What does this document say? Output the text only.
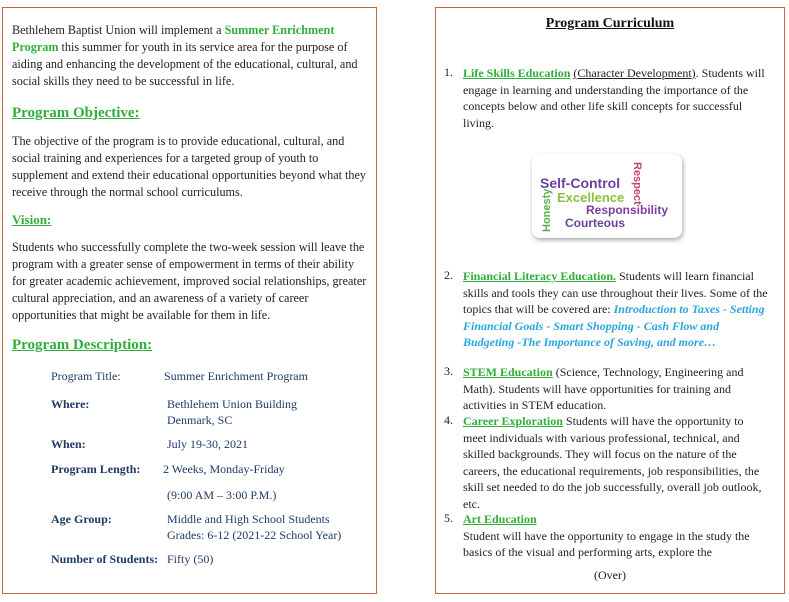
Bethlehem Baptist Union will implement a Summer Enrichment Program this summer for youth in its service area for the purpose of aiding and enhancing the development of the educational, cultural, and social skills they need to be successful in life.
Program Objective:
The objective of the program is to provide educational, cultural, and social training and experiences for a targeted group of youth to supplement and extend their educational opportunities beyond what they receive through the normal school curriculums.
Vision:
Students who successfully complete the two-week session will leave the program with a greater sense of empowerment in terms of their ability for greater academic achievement, improved social relationships, greater cultural appreciation, and an awareness of a variety of career opportunities that might be available for them in life.
Program Description:
Program Title:	Summer Enrichment Program
Where:	Bethlehem Union Building
Denmark, SC
When:	July 19-30, 2021
Program Length: 2 Weeks, Monday-Friday
(9:00 AM – 3:00 P.M.)
Age Group:	Middle and High School Students
Grades: 6-12 (2021-22 School Year)
Number of Students: Fifty (50)
Program Curriculum
1. Life Skills Education (Character Development). Students will engage in learning and understanding the importance of the concepts below and other life skill concepts for successful living.
Self-Control
Excellence Respect
Honesty	Responsibility
Courteous
2. Financial Literacy Education. Students will learn financial skills and tools they can use throughout their lives. Some of the topics that will be covered are: Introduction to Taxes - Setting Financial Goals - Smart Shopping - Cash Flow and Budgeting -The Importance of Saving, and more…
3. STEM Education (Science, Technology, Engineering and Math). Students will have opportunities for training and activities in STEM education.
4. Career Exploration Students will have the opportunity to meet individuals with various professional, technical, and skilled backgrounds. They will focus on the nature of the careers, the educational requirements, job responsibilities, the skill set needed to do the job successfully, overall job outlook, etc.
5. Art Education
Student will have the opportunity to engage in the study the basics of the visual and performing arts, explore the
(Over)
